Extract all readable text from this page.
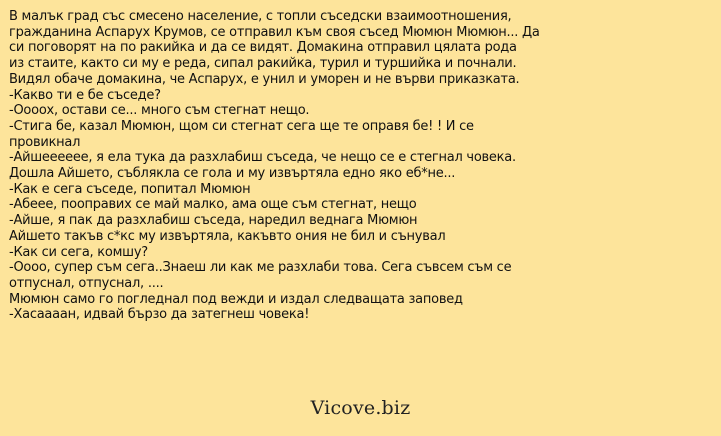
В малък град със смесено население, с топли съседски взаимоотношения,
гражданина Аспарух Крумов, се отправил към своя съсед Мюмюн Мюмюн... Да
си поговорят на по ракийка и да се видят. Домакина отправил цялата рода
из стаите, както си му е реда, сипал ракийка, турил и туршийка и почнали.
Видял обаче домакина, че Аспарух, е унил и уморен и не върви приказката.
-Какво ти е бе съседе?
-Оооох, остави се... много съм стегнат нещо.
-Стига бе, казал Мюмюн, щом си стегнат сега ще те оправя бе! ! И се
провикнал
-Айшееееее, я ела тука да разхлабиш съседа, че нещо се е стегнал човека.
Дошла Айшето, съблякла се гола и му извъртяла едно яко еб*не...
-Как е сега съседе, попитал Мюмюн
-Абеее, пооправих се май малко, ама още съм стегнат, нещо
-Айше, я пак да разхлабиш съседа, наредил веднага Мюмюн
Айшето такъв с*кс му извъртяла, какъвто ония не бил и сънувал
-Как си сега, комшу?
-Оооо, супер съм сега..Знаеш ли как ме разхлаби това. Сега съвсем съм се
отпуснал, отпуснал, ....
Мюмюн само го погледнал под вежди и издал следващата заповед
-Хасаааан, идвай бързо да затегнеш човека!
Vicove.biz
